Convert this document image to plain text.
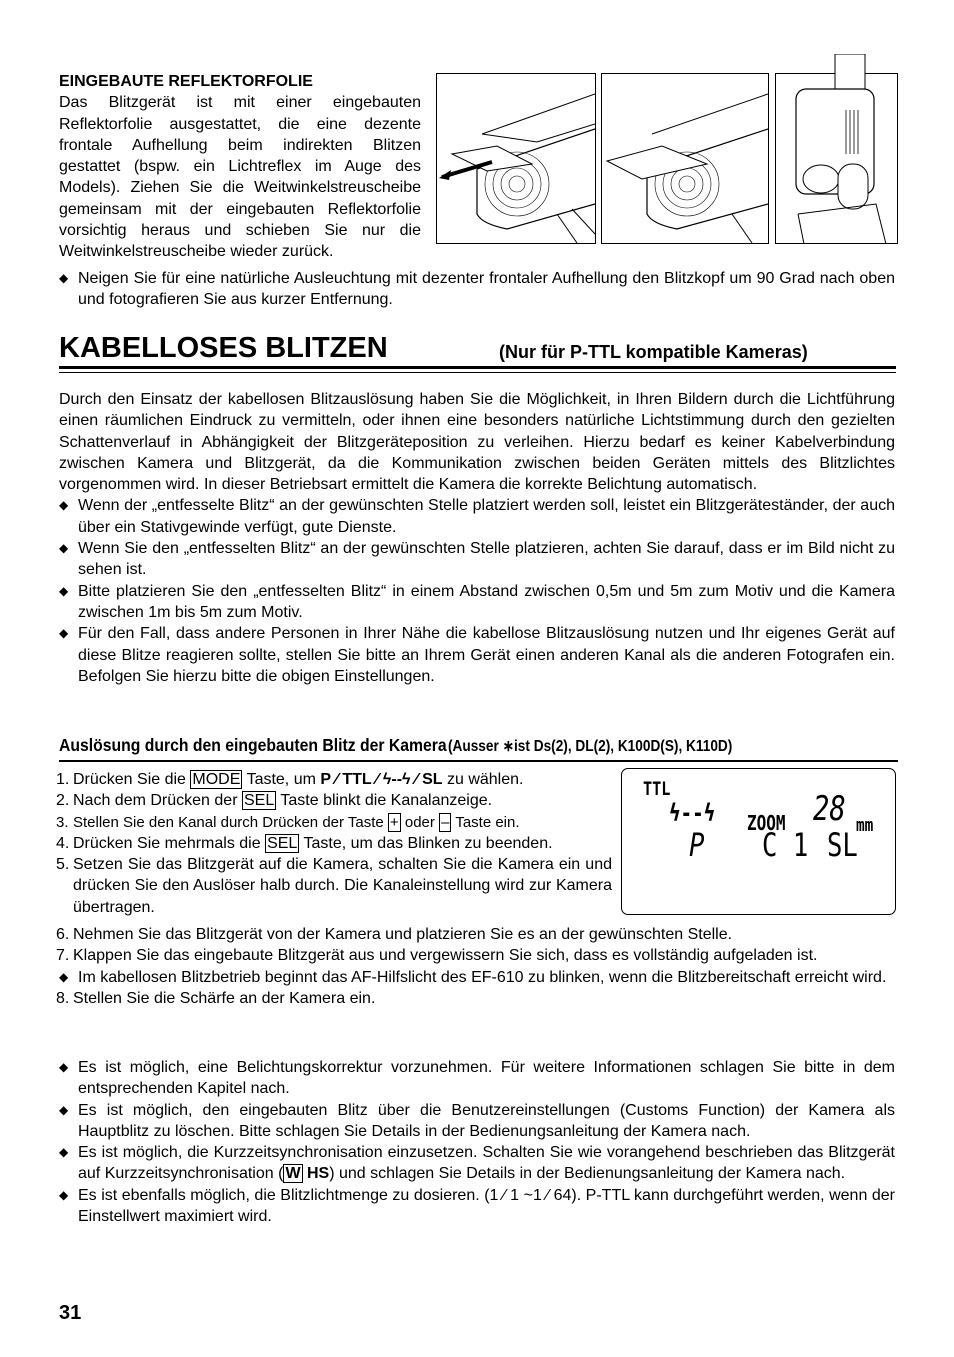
EINGEBAUTE REFLEKTORFOLIE

Das Blitzgerät ist mit einer eingebauten Reflektorfolie ausgestattet, die eine dezente frontale Aufhellung beim indirekten Blitzen gestattet (bspw. ein Lichtreflex im Auge des Models). Ziehen Sie die Weitwinkelstreuscheibe gemeinsam mit der eingebauten Reflektorfolie vorsichtig heraus und schieben Sie nur die Weitwinkelstreuscheibe wieder zurück.

◆ Neigen Sie für eine natürliche Ausleuchtung mit dezenter frontaler Aufhellung den Blitzkopf um 90 Grad nach oben und fotografieren Sie aus kurzer Entfernung.
KABELLOSES BLITZEN	(Nur für P-TTL kompatible Kameras)

Durch den Einsatz der kabellosen Blitzauslösung haben Sie die Möglichkeit, in Ihren Bildern durch die Lichtführung einen räumlichen Eindruck zu vermitteln, oder ihnen eine besonders natürliche Lichtstimmung durch den gezielten Schattenverlauf in Abhängigkeit der Blitzgeräteposition zu verleihen. Hierzu bedarf es keiner Kabelverbindung zwischen Kamera und Blitzgerät, da die Kommunikation zwischen beiden Geräten mittels des Blitzlichtes vorgenommen wird. In dieser Betriebsart ermittelt die Kamera die korrekte Belichtung automatisch.

◆ Wenn der „entfesselte Blitz“ an der gewünschten Stelle platziert werden soll, leistet ein Blitzgeräteständer, der auch über ein Stativgewinde verfügt, gute Dienste.
◆ Wenn Sie den „entfesselten Blitz“ an der gewünschten Stelle platzieren, achten Sie darauf, dass er im Bild nicht zu sehen ist.
◆ Bitte platzieren Sie den „entfesselten Blitz“ in einem Abstand zwischen 0,5m und 5m zum Motiv und die Kamera zwischen 1m bis 5m zum Motiv.
◆ Für den Fall, dass andere Personen in Ihrer Nähe die kabellose Blitzauslösung nutzen und Ihr eigenes Gerät auf diese Blitze reagieren sollte, stellen Sie bitte an Ihrem Gerät einen anderen Kanal als die anderen Fotografen ein. Befolgen Sie hierzu bitte die obigen Einstellungen.
Auslösung durch den eingebauten Blitz der Kamera(Ausser ∗ist Ds(2), DL(2), K100D(S), K110D)
1. Drücken Sie die MODE Taste, um P ⁄ TTL ⁄ ϟ--ϟ ⁄ SL zu wählen.
2. Nach dem Drücken der SEL Taste blinkt die Kanalanzeige.
3. Stellen Sie den Kanal durch Drücken der Taste + oder – Taste ein.
4. Drücken Sie mehrmals die SEL Taste, um das Blinken zu beenden.
5. Setzen Sie das Blitzgerät auf die Kamera, schalten Sie die Kamera ein und drücken Sie den Auslöser halb durch. Die Kanaleinstellung wird zur Kamera übertragen.
TTL
ϟ--ϟ ZOOM 28 mm
P C 1 SL
6. Nehmen Sie das Blitzgerät von der Kamera und platzieren Sie es an der gewünschten Stelle.
7. Klappen Sie das eingebaute Blitzgerät aus und vergewissern Sie sich, dass es vollständig aufgeladen ist.
◆ Im kabellosen Blitzbetrieb beginnt das AF-Hilfslicht des EF-610 zu blinken, wenn die Blitzbereitschaft erreicht wird.
8. Stellen Sie die Schärfe an der Kamera ein.
◆ Es ist möglich, eine Belichtungskorrektur vorzunehmen. Für weitere Informationen schlagen Sie bitte in dem entsprechenden Kapitel nach.
◆ Es ist möglich, den eingebauten Blitz über die Benutzereinstellungen (Customs Function) der Kamera als Hauptblitz zu löschen. Bitte schlagen Sie Details in der Bedienungsanleitung der Kamera nach.
◆ Es ist möglich, die Kurzzeitsynchronisation einzusetzen. Schalten Sie wie vorangehend beschrieben das Blitzgerät auf Kurzzeitsynchronisation ( W HS) und schlagen Sie Details in der Bedienungsanleitung der Kamera nach.
◆ Es ist ebenfalls möglich, die Blitzlichtmenge zu dosieren. (1 ⁄ 1 ~1 ⁄ 64). P-TTL kann durchgeführt werden, wenn der Einstellwert maximiert wird.
31
